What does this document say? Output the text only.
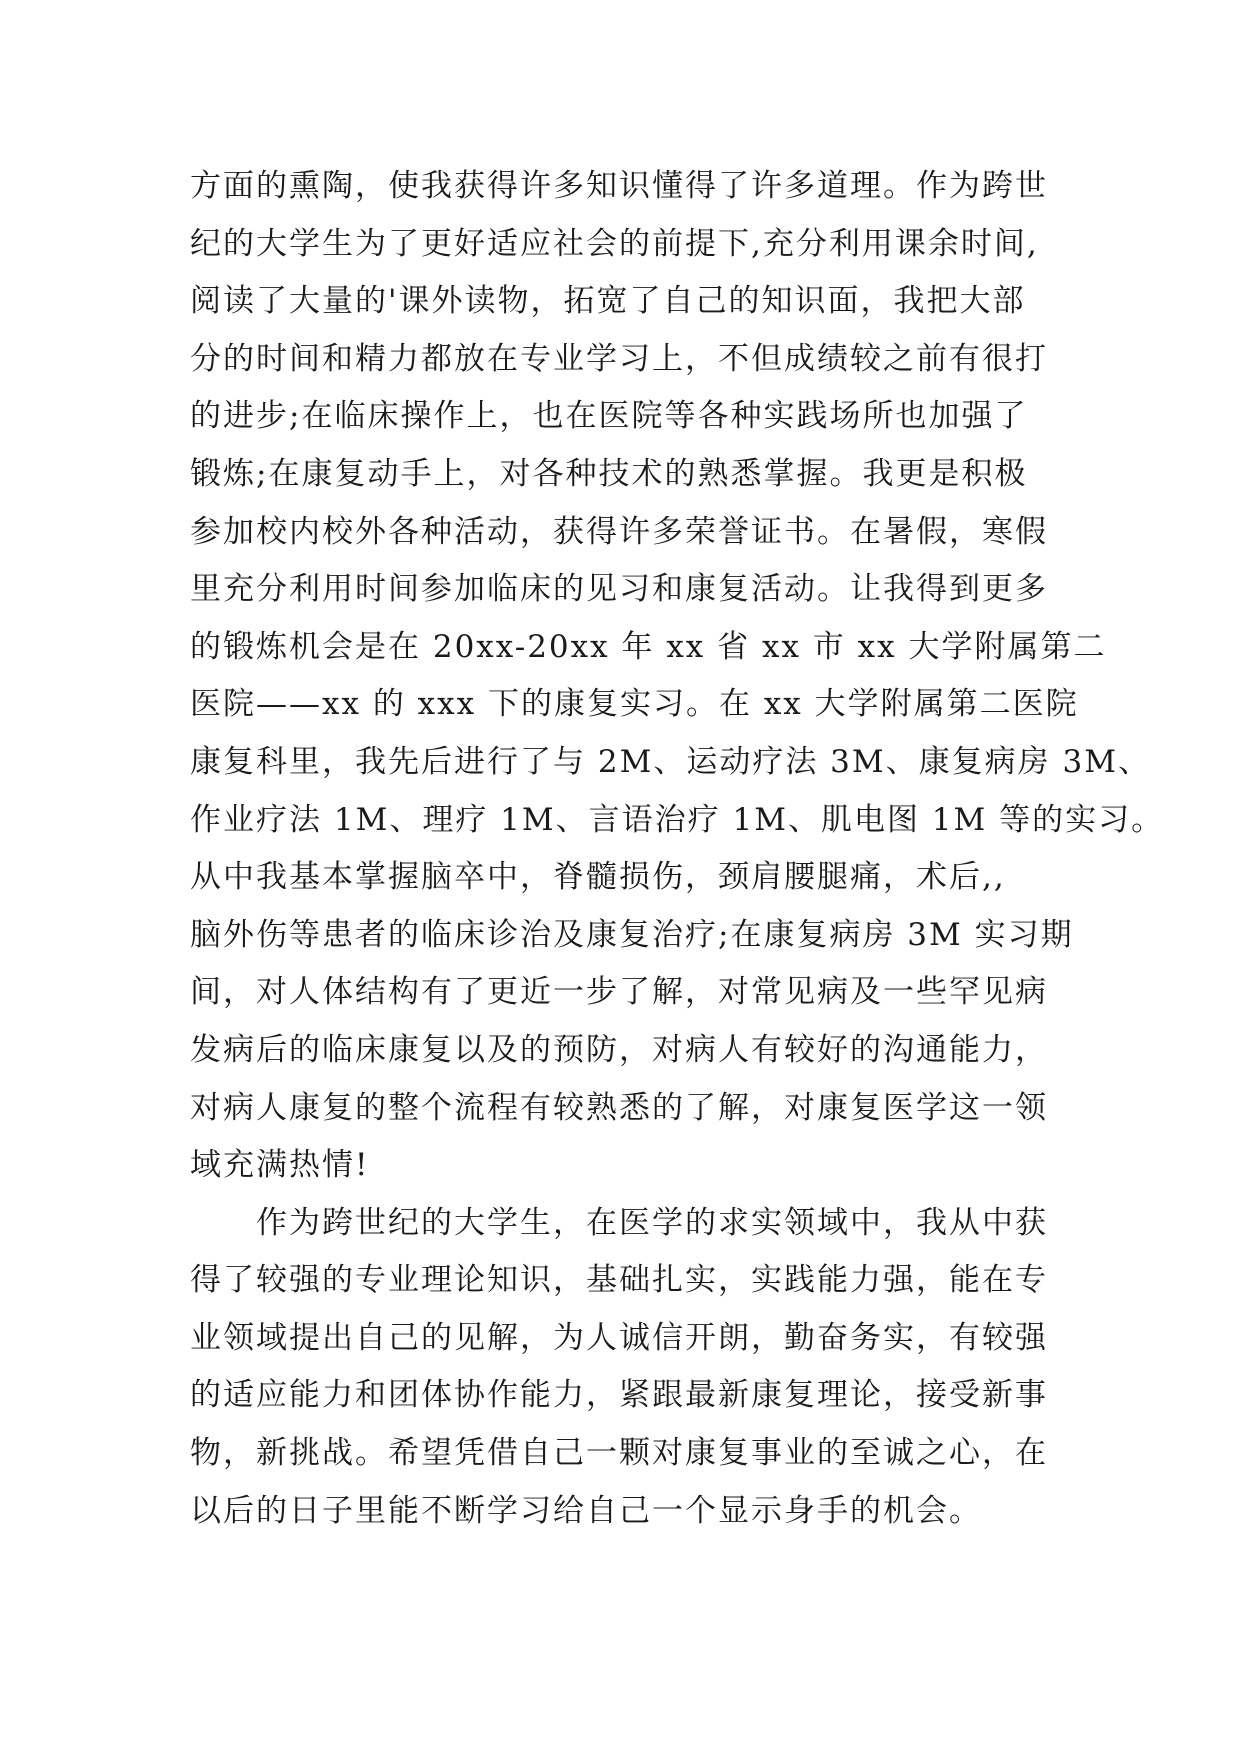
方面的熏陶，使我获得许多知识懂得了许多道理。作为跨世
纪的大学生为了更好适应社会的前提下,充分利用课余时间,
阅读了大量的'课外读物，拓宽了自己的知识面，我把大部
分的时间和精力都放在专业学习上，不但成绩较之前有很打
的进步;在临床操作上，也在医院等各种实践场所也加强了
锻炼;在康复动手上，对各种技术的熟悉掌握。我更是积极
参加校内校外各种活动，获得许多荣誉证书。在暑假，寒假
里充分利用时间参加临床的见习和康复活动。让我得到更多
的锻炼机会是在 20xx-20xx 年 xx 省 xx 市 xx 大学附属第二
医院——xx 的 xxx 下的康复实习。在 xx 大学附属第二医院
康复科里，我先后进行了与 2M、运动疗法 3M、康复病房 3M、
作业疗法 1M、理疗 1M、言语治疗 1M、肌电图 1M 等的实习。
从中我基本掌握脑卒中，脊髓损伤，颈肩腰腿痛，术后,,
脑外伤等患者的临床诊治及康复治疗;在康复病房 3M 实习期
间，对人体结构有了更近一步了解，对常见病及一些罕见病
发病后的临床康复以及的预防，对病人有较好的沟通能力，
对病人康复的整个流程有较熟悉的了解，对康复医学这一领
域充满热情!
　　作为跨世纪的大学生，在医学的求实领域中，我从中获
得了较强的专业理论知识，基础扎实，实践能力强，能在专
业领域提出自己的见解，为人诚信开朗，勤奋务实，有较强
的适应能力和团体协作能力，紧跟最新康复理论，接受新事
物，新挑战。希望凭借自己一颗对康复事业的至诚之心，在
以后的日子里能不断学习给自己一个显示身手的机会。
